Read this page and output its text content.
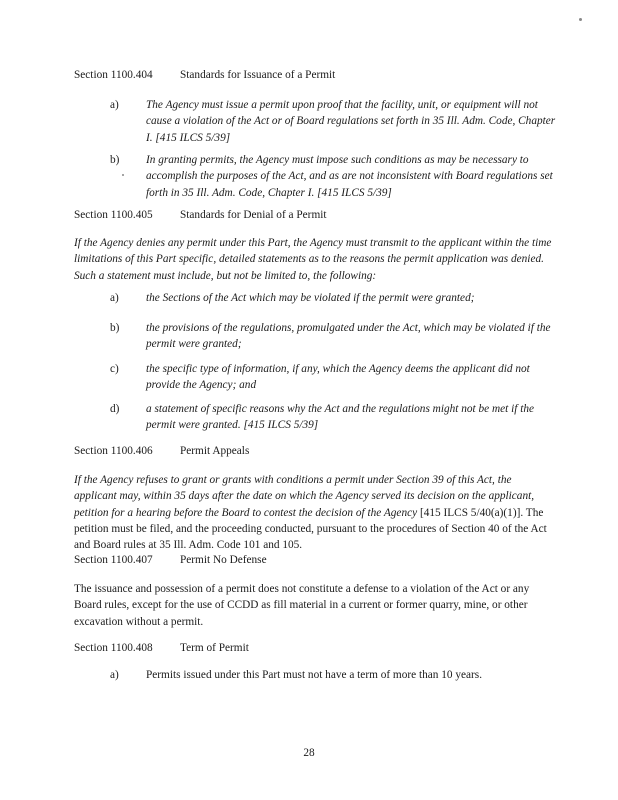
Section 1100.404 Standards for Issuance of a Permit
a) The Agency must issue a permit upon proof that the facility, unit, or equipment will not cause a violation of the Act or of Board regulations set forth in 35 Ill. Adm. Code, Chapter I. [415 ILCS 5/39]
b) In granting permits, the Agency must impose such conditions as may be necessary to accomplish the purposes of the Act, and as are not inconsistent with Board regulations set forth in 35 Ill. Adm. Code, Chapter I. [415 ILCS 5/39]
Section 1100.405 Standards for Denial of a Permit
If the Agency denies any permit under this Part, the Agency must transmit to the applicant within the time limitations of this Part specific, detailed statements as to the reasons the permit application was denied. Such a statement must include, but not be limited to, the following:
a) the Sections of the Act which may be violated if the permit were granted;
b) the provisions of the regulations, promulgated under the Act, which may be violated if the permit were granted;
c) the specific type of information, if any, which the Agency deems the applicant did not provide the Agency; and
d) a statement of specific reasons why the Act and the regulations might not be met if the permit were granted. [415 ILCS 5/39]
Section 1100.406 Permit Appeals
If the Agency refuses to grant or grants with conditions a permit under Section 39 of this Act, the applicant may, within 35 days after the date on which the Agency served its decision on the applicant, petition for a hearing before the Board to contest the decision of the Agency [415 ILCS 5/40(a)(1)]. The petition must be filed, and the proceeding conducted, pursuant to the procedures of Section 40 of the Act and Board rules at 35 Ill. Adm. Code 101 and 105.
Section 1100.407 Permit No Defense
The issuance and possession of a permit does not constitute a defense to a violation of the Act or any Board rules, except for the use of CCDD as fill material in a current or former quarry, mine, or other excavation without a permit.
Section 1100.408 Term of Permit
a) Permits issued under this Part must not have a term of more than 10 years.
28
